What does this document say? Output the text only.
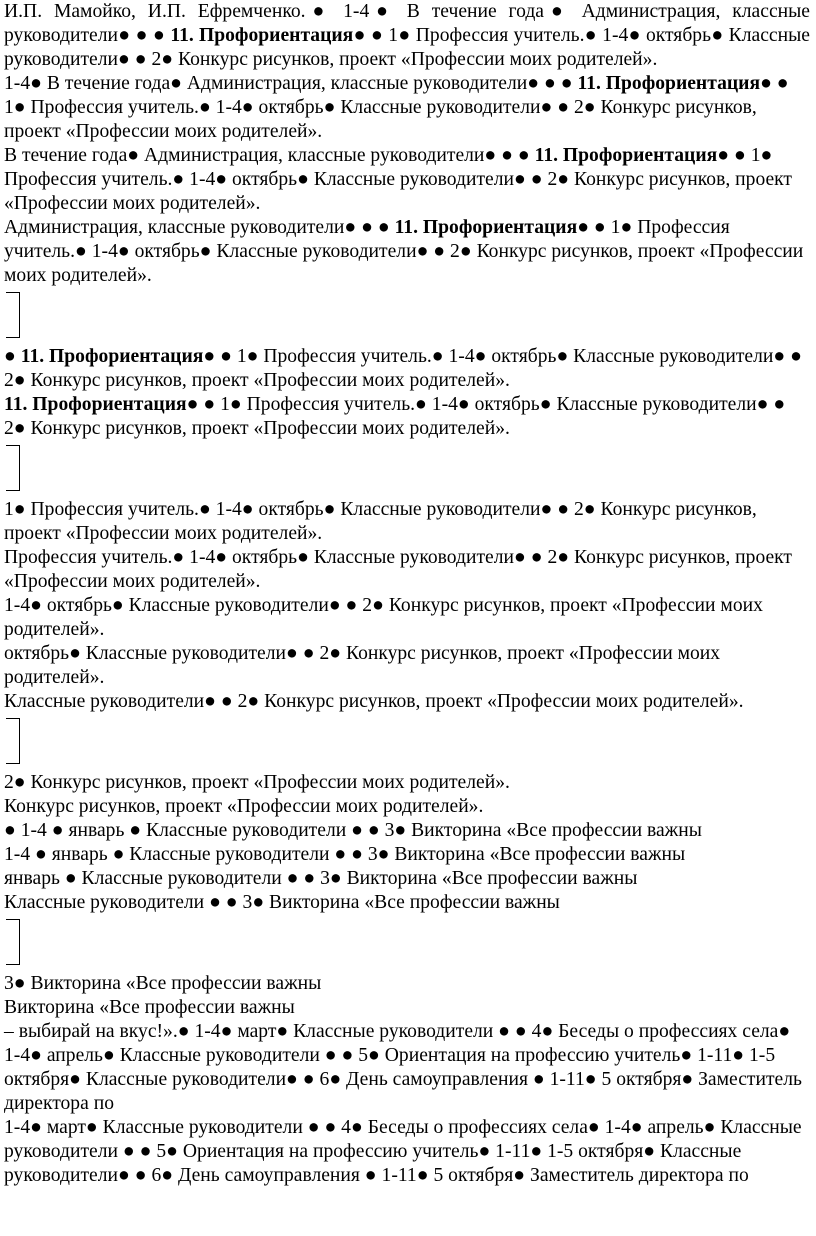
И.П. Мамойко, И.П. Ефремченко.● 1-4● В течение года● Администрация, классные руководители● ● ● 11. Профориентация● ● 1● Профессия учитель.● 1-4● октябрь● Классные руководители● ● 2● Конкурс рисунков, проект «Профессии моих родителей».

1-4● В течение года● Администрация, классные руководители● ● ● 11. Профориентация● ● 1● Профессия учитель.● 1-4● октябрь● Классные руководители● ● 2● Конкурс рисунков, проект «Профессии моих родителей».

В течение года● Администрация, классные руководители● ● ● 11. Профориентация● ● 1● Профессия учитель.● 1-4● октябрь● Классные руководители● ● 2● Конкурс рисунков, проект «Профессии моих родителей».

Администрация, классные руководители● ● ● 11. Профориентация● ● 1● Профессия учитель.● 1-4● октябрь● Классные руководители● ● 2● Конкурс рисунков, проект «Профессии моих родителей».

● 11. Профориентация● ● 1● Профессия учитель.● 1-4● октябрь● Классные руководители● ● 2● Конкурс рисунков, проект «Профессии моих родителей».

11. Профориентация● ● 1● Профессия учитель.● 1-4● октябрь● Классные руководители● ● 2● Конкурс рисунков, проект «Профессии моих родителей».

1● Профессия учитель.● 1-4● октябрь● Классные руководители● ● 2● Конкурс рисунков, проект «Профессии моих родителей».

Профессия учитель.● 1-4● октябрь● Классные руководители● ● 2● Конкурс рисунков, проект «Профессии моих родителей».

1-4● октябрь● Классные руководители● ● 2● Конкурс рисунков, проект «Профессии моих родителей».

октябрь● Классные руководители● ● 2● Конкурс рисунков, проект «Профессии моих родителей».

Классные руководители● ● 2● Конкурс рисунков, проект «Профессии моих родителей».

2● Конкурс рисунков, проект «Профессии моих родителей».

Конкурс рисунков, проект «Профессии моих родителей».

● 1-4 ● январь ● Классные руководители ● ● 3● Викторина «Все профессии важны

1-4 ● январь ● Классные руководители ● ● 3● Викторина «Все профессии важны

январь ● Классные руководители ● ● 3● Викторина «Все профессии важны

Классные руководители ● ● 3● Викторина «Все профессии важны

3● Викторина «Все профессии важны

Викторина «Все профессии важны

– выбирай на вкус!».● 1-4● март● Классные руководители ● ● 4● Беседы о профессиях села● 1-4● апрель● Классные руководители ● ● 5● Ориентация на профессию учитель● 1-11● 1-5 октября● Классные руководители● ● 6● День самоуправления ● 1-11● 5 октября● Заместитель директора по

1-4● март● Классные руководители ● ● 4● Беседы о профессиях села● 1-4● апрель● Классные руководители ● ● 5● Ориентация на профессию учитель● 1-11● 1-5 октября● Классные руководители● ● 6● День самоуправления ● 1-11● 5 октября● Заместитель директора по
